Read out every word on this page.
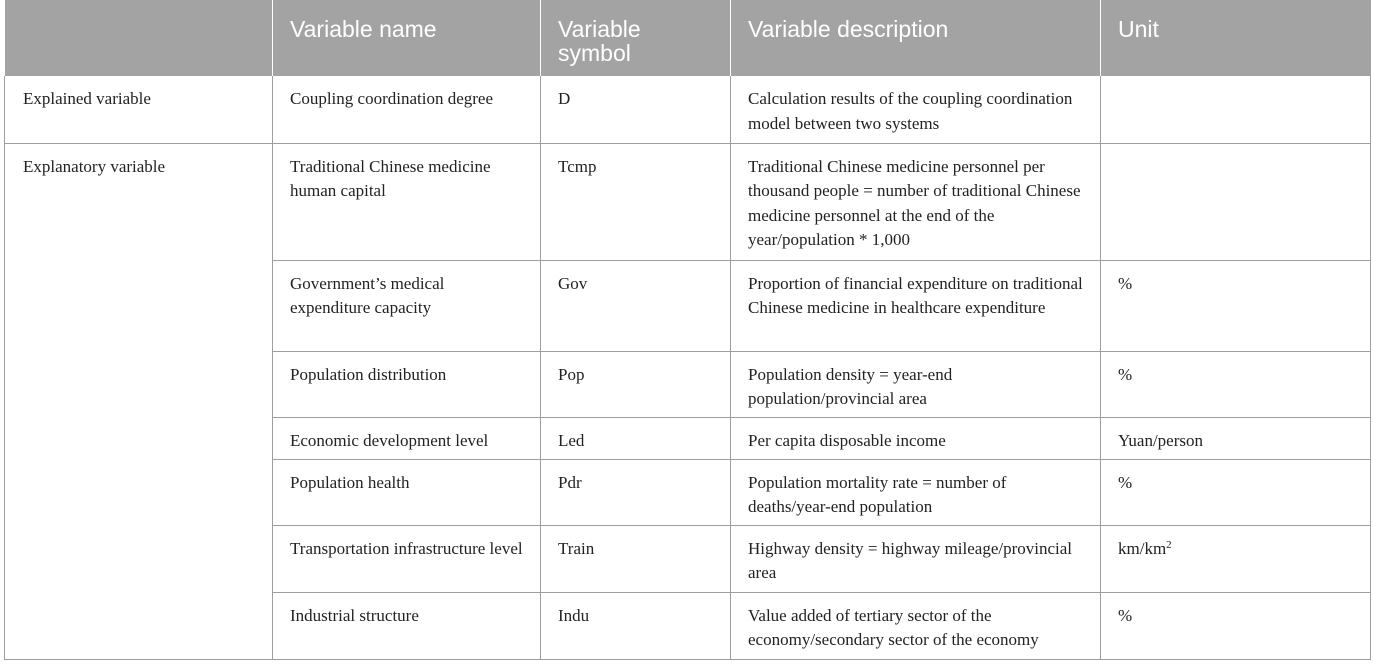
	Variable name	Variable symbol	Variable description	Unit
Explained variable	Coupling coordination degree	D	Calculation results of the coupling coordination model between two systems	
Explanatory variable	Traditional Chinese medicine human capital	Tcmp	Traditional Chinese medicine personnel per thousand people = number of traditional Chinese medicine personnel at the end of the year/population * 1,000	
	Government’s medical expenditure capacity	Gov	Proportion of financial expenditure on traditional Chinese medicine in healthcare expenditure	%
	Population distribution	Pop	Population density = year-end population/provincial area	%
	Economic development level	Led	Per capita disposable income	Yuan/person
	Population health	Pdr	Population mortality rate = number of deaths/year-end population	%
	Transportation infrastructure level	Train	Highway density = highway mileage/provincial area	$km/km^2$
	Industrial structure	Indu	Value added of tertiary sector of the economy/secondary sector of the economy	%
